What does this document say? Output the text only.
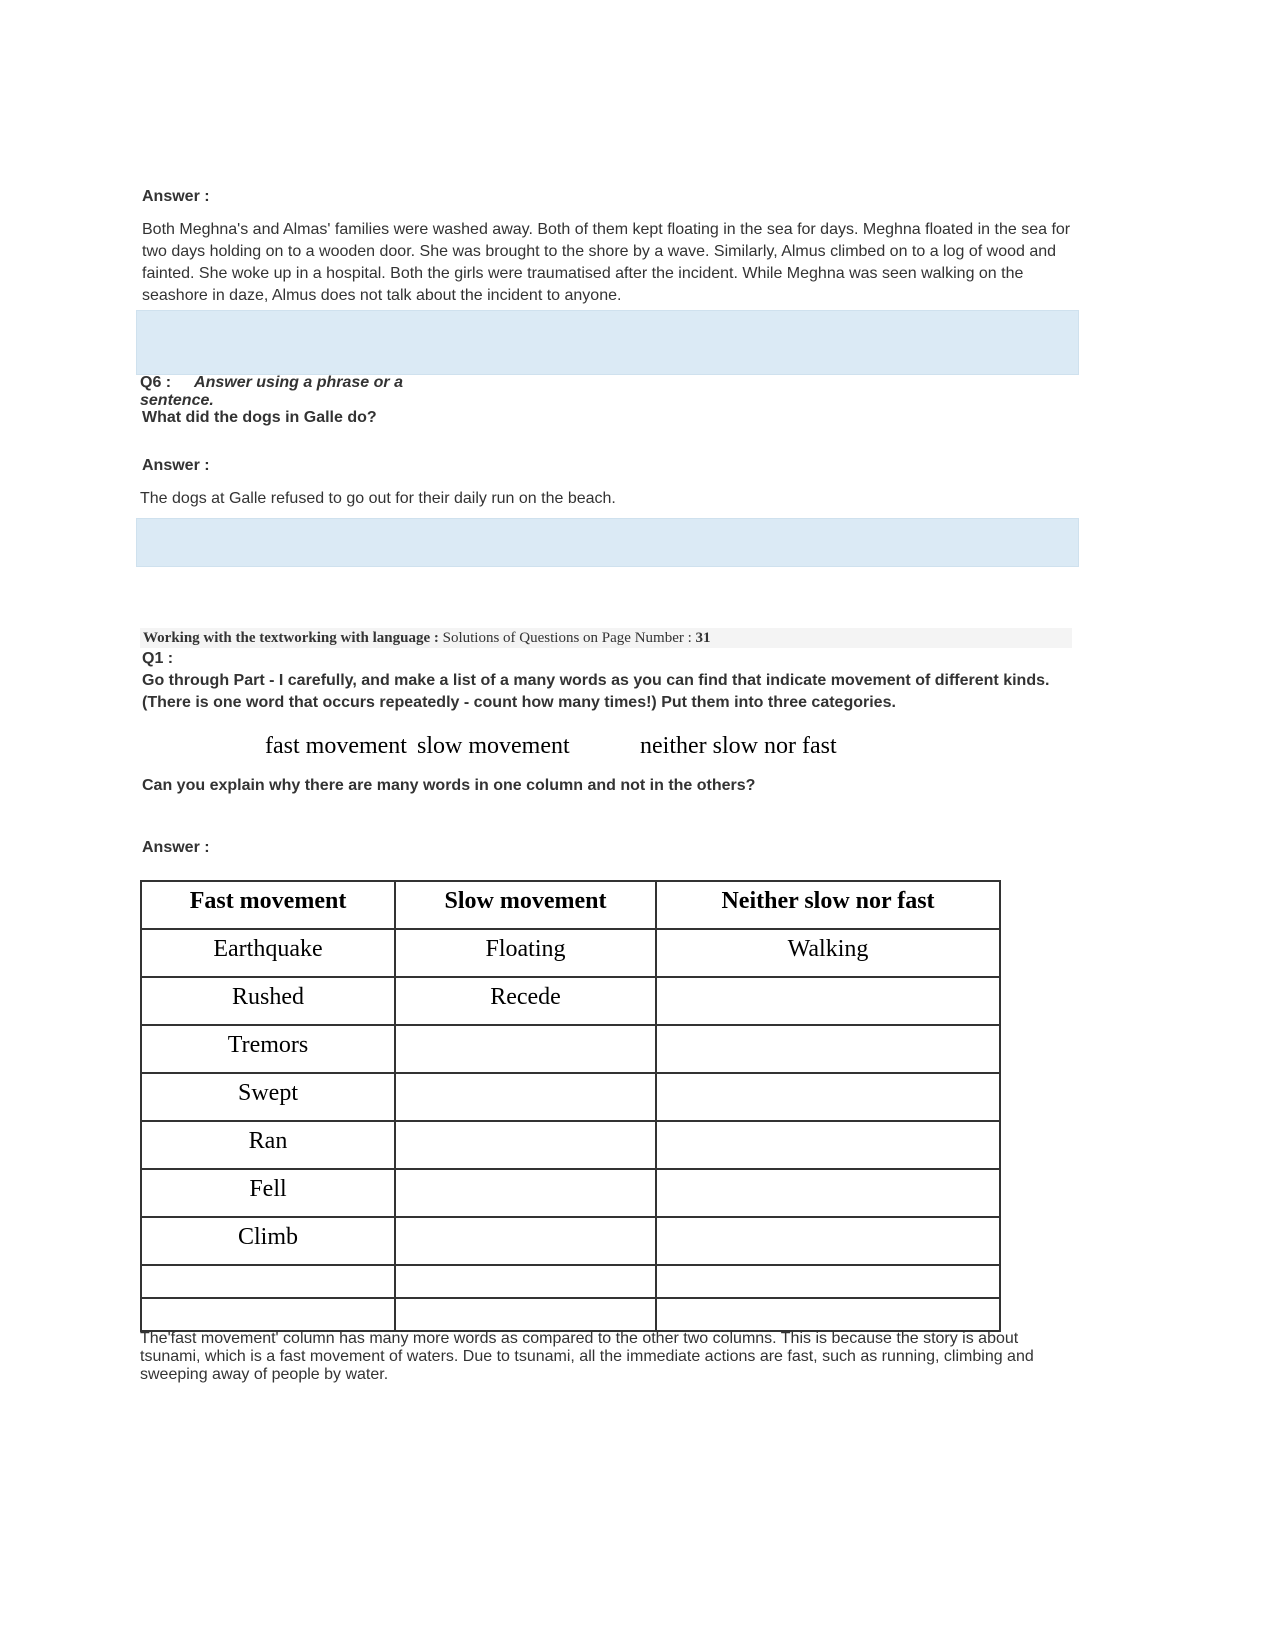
Answer :
Both Meghna's and Almas' families were washed away. Both of them kept floating in the sea for days. Meghna floated in the sea for two days holding on to a wooden door. She was brought to the shore by a wave. Similarly, Almus climbed on to a log of wood and fainted. She woke up in a hospital. Both the girls were traumatised after the incident. While Meghna was seen walking on the seashore in daze, Almus does not talk about the incident to anyone.
Q6 : Answer using a phrase or a
sentence.
What did the dogs in Galle do?
Answer :
The dogs at Galle refused to go out for their daily run on the beach.
Working with the textworking with language : Solutions of Questions on Page Number : 31
Q1 :
Go through Part - I carefully, and make a list of a many words as you can find that indicate movement of different kinds.
(There is one word that occurs repeatedly - count how many times!) Put them into three categories.
fast movement slow movement	neither slow nor fast
Can you explain why there are many words in one column and not in the others?
Answer :
Fast movement	Slow movement	Neither slow nor fast
Earthquake	Floating	Walking
Rushed	Recede	
Tremors		
Swept		
Ran		
Fell		
Climb		

The'fast movement' column has many more words as compared to the other two columns. This is because the story is about tsunami, which is a fast movement of waters. Due to tsunami, all the immediate actions are fast, such as running, climbing and sweeping away of people by water.
